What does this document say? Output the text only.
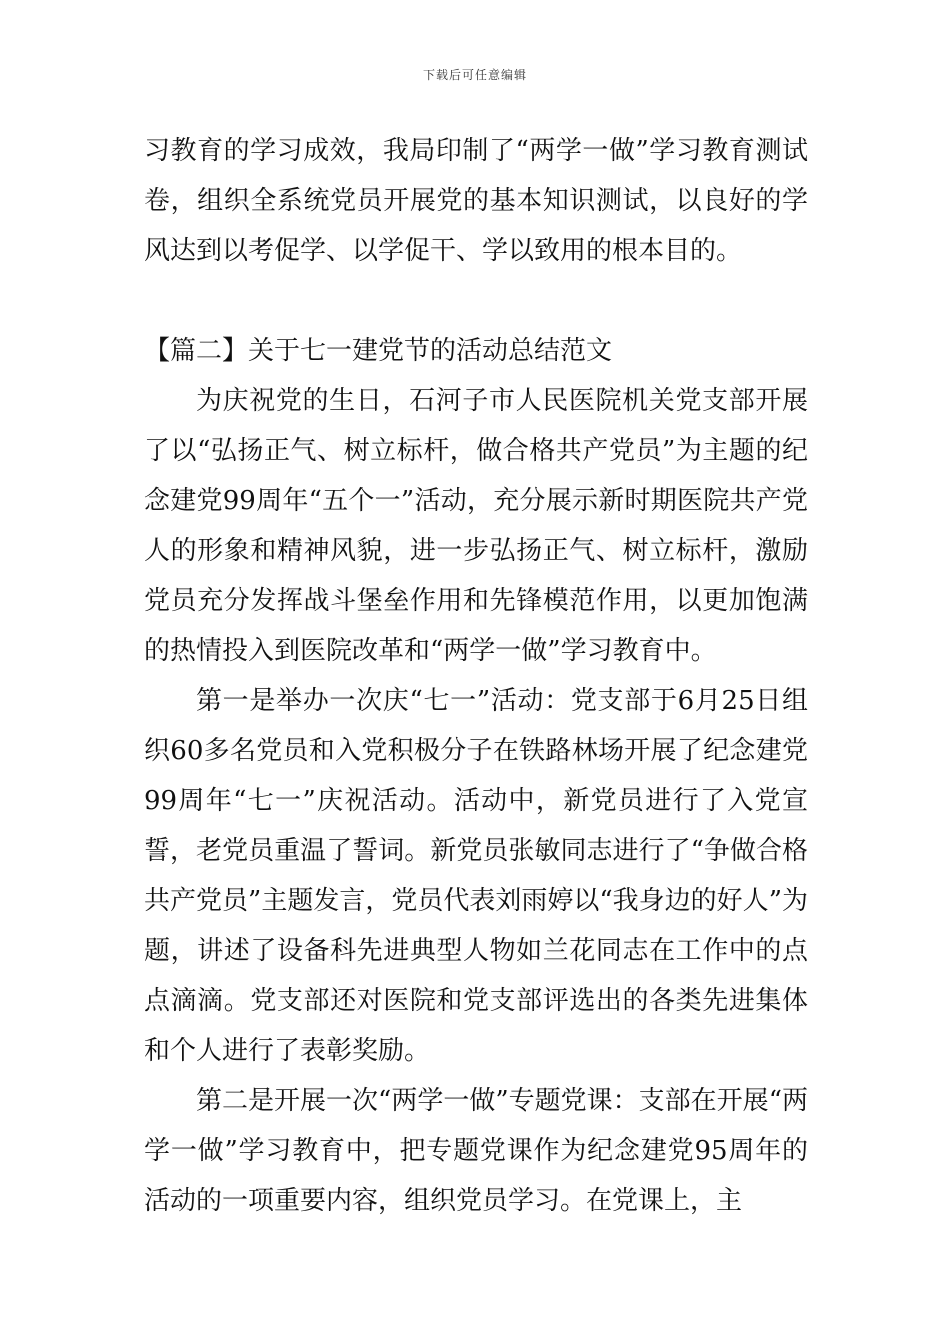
下载后可任意编辑

习教育的学习成效，我局印制了“两学一做”学习教育测试卷，组织全系统党员开展党的基本知识测试，以良好的学风达到以考促学、以学促干、学以致用的根本目的。

【篇二】关于七一建党节的活动总结范文

为庆祝党的生日，石河子市人民医院机关党支部开展了以“弘扬正气、树立标杆，做合格共产党员”为主题的纪念建党99周年“五个一”活动，充分展示新时期医院共产党人的形象和精神风貌，进一步弘扬正气、树立标杆，激励党员充分发挥战斗堡垒作用和先锋模范作用，以更加饱满的热情投入到医院改革和“两学一做”学习教育中。

第一是举办一次庆“七一”活动：党支部于6月25日组织60多名党员和入党积极分子在铁路林场开展了纪念建党99周年“七一”庆祝活动。活动中，新党员进行了入党宣誓，老党员重温了誓词。新党员张敏同志进行了“争做合格共产党员”主题发言，党员代表刘雨婷以“我身边的好人”为题，讲述了设备科先进典型人物如兰花同志在工作中的点点滴滴。党支部还对医院和党支部评选出的各类先进集体和个人进行了表彰奖励。

第二是开展一次“两学一做”专题党课：支部在开展“两学一做”学习教育中，把专题党课作为纪念建党95周年的活动的一项重要内容，组织党员学习。在党课上，主
